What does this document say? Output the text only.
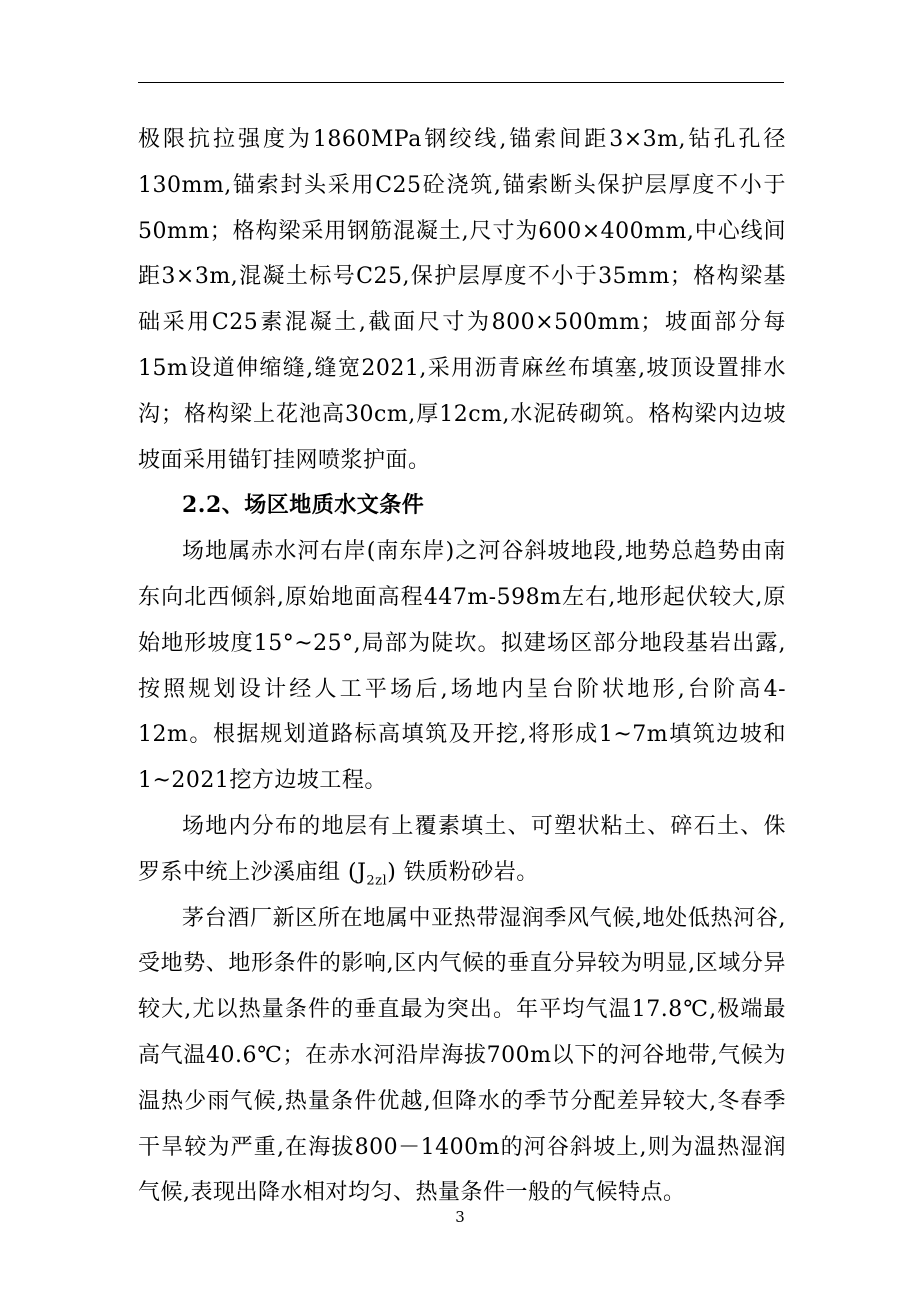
极限抗拉强度为1860MPa钢绞线,锚索间距3×3m,钻孔孔径130mm,锚索封头采用C25砼浇筑,锚索断头保护层厚度不小于50mm；格构梁采用钢筋混凝土,尺寸为600×400mm,中心线间距3×3m,混凝土标号C25,保护层厚度不小于35mm；格构梁基础采用C25素混凝土,截面尺寸为800×500mm；坡面部分每15m设道伸缩缝,缝宽2021,采用沥青麻丝布填塞,坡顶设置排水沟；格构梁上花池高30cm,厚12cm,水泥砖砌筑。格构梁内边坡坡面采用锚钉挂网喷浆护面。

2.2、场区地质水文条件

场地属赤水河右岸(南东岸)之河谷斜坡地段,地势总趋势由南东向北西倾斜,原始地面高程447m-598m左右,地形起伏较大,原始地形坡度15°~25°,局部为陡坎。拟建场区部分地段基岩出露,按照规划设计经人工平场后,场地内呈台阶状地形,台阶高4-12m。根据规划道路标高填筑及开挖,将形成1~7m填筑边坡和1~2021挖方边坡工程。

场地内分布的地层有上覆素填土、可塑状粘土、碎石土、侏罗系中统上沙溪庙组 $(J_{2zl})$ 铁质粉砂岩。

茅台酒厂新区所在地属中亚热带湿润季风气候,地处低热河谷,受地势、地形条件的影响,区内气候的垂直分异较为明显,区域分异较大,尤以热量条件的垂直最为突出。年平均气温17.8℃,极端最高气温40.6℃；在赤水河沿岸海拔700m以下的河谷地带,气候为温热少雨气候,热量条件优越,但降水的季节分配差异较大,冬春季干旱较为严重,在海拔800－1400m的河谷斜坡上,则为温热湿润气候,表现出降水相对均匀、热量条件一般的气候特点。

3
